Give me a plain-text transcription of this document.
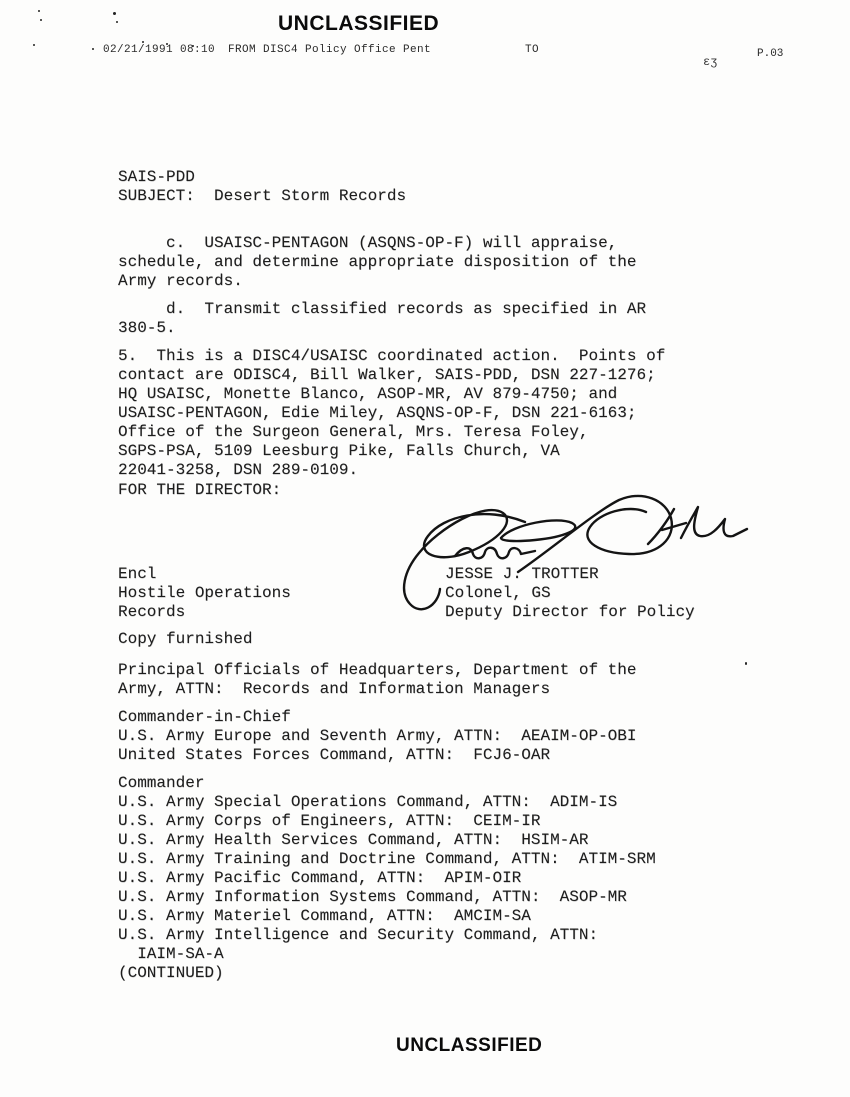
UNCLASSIFIED
UNCLASSIFIED
02/21/1991 08:10 FROM DISC4 Policy Office Pent	TO	P.03
ɛʒ
SAIS-PDD
SUBJECT:  Desert Storm Records
c.  USAISC-PENTAGON (ASQNS-OP-F) will appraise,
schedule, and determine appropriate disposition of the
Army records.
d.  Transmit classified records as specified in AR
380-5.
5.  This is a DISC4/USAISC coordinated action.  Points of
contact are ODISC4, Bill Walker, SAIS-PDD, DSN 227-1276;
HQ USAISC, Monette Blanco, ASOP-MR, AV 879-4750; and
USAISC-PENTAGON, Edie Miley, ASQNS-OP-F, DSN 221-6163;
Office of the Surgeon General, Mrs. Teresa Foley,
SGPS-PSA, 5109 Leesburg Pike, Falls Church, VA
22041-3258, DSN 289-0109.
FOR THE DIRECTOR:
Encl
Hostile Operations
Records
JESSE J. TROTTER
Colonel, GS
Deputy Director for Policy
Copy furnished
Principal Officials of Headquarters, Department of the
Army, ATTN:  Records and Information Managers
Commander-in-Chief
U.S. Army Europe and Seventh Army, ATTN:  AEAIM-OP-OBI
United States Forces Command, ATTN:  FCJ6-OAR
Commander
U.S. Army Special Operations Command, ATTN:  ADIM-IS
U.S. Army Corps of Engineers, ATTN:  CEIM-IR
U.S. Army Health Services Command, ATTN:  HSIM-AR
U.S. Army Training and Doctrine Command, ATTN:  ATIM-SRM
U.S. Army Pacific Command, ATTN:  APIM-OIR
U.S. Army Information Systems Command, ATTN:  ASOP-MR
U.S. Army Materiel Command, ATTN:  AMCIM-SA
U.S. Army Intelligence and Security Command, ATTN:
IAIM-SA-A
(CONTINUED)
